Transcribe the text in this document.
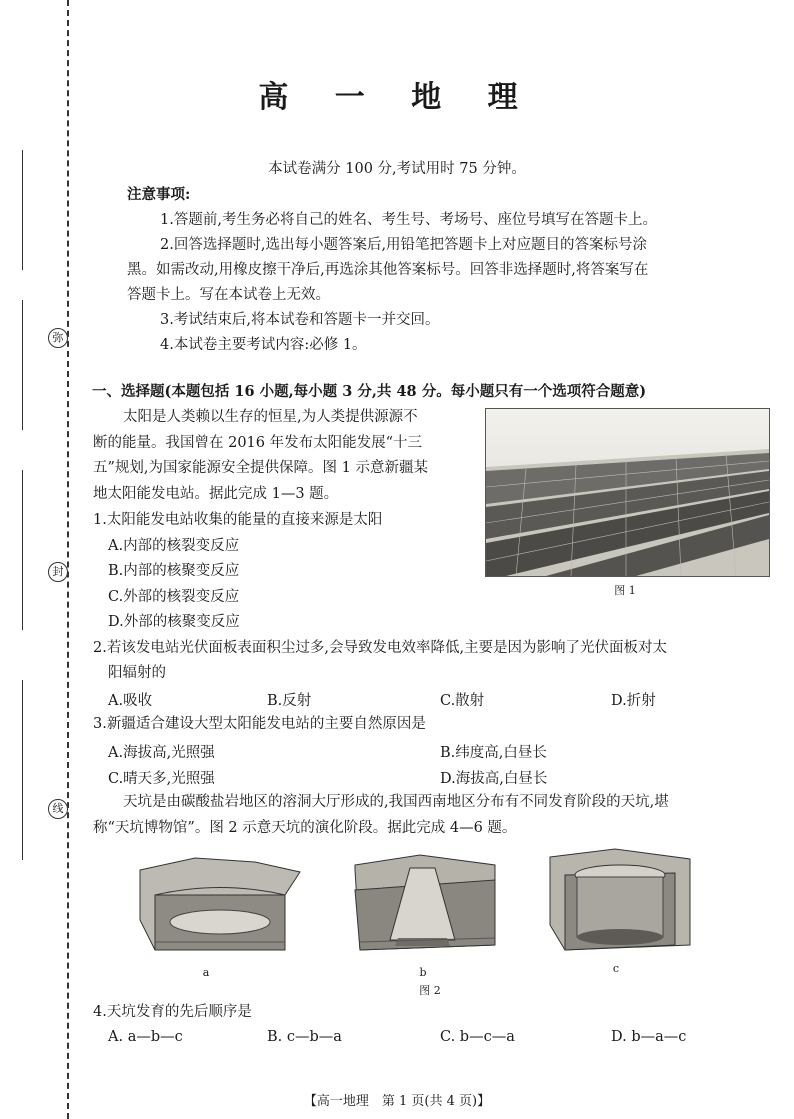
弥
封
线
高 一 地 理
本试卷满分 100 分,考试用时 75 分钟。
注意事项:
1.答题前,考生务必将自己的姓名、考生号、考场号、座位号填写在答题卡上。
2.回答选择题时,选出每小题答案后,用铅笔把答题卡上对应题目的答案标号涂
黑。如需改动,用橡皮擦干净后,再选涂其他答案标号。回答非选择题时,将答案写在
答题卡上。写在本试卷上无效。
3.考试结束后,将本试卷和答题卡一并交回。
4.本试卷主要考试内容:必修 1。
一、选择题(本题包括 16 小题,每小题 3 分,共 48 分。每小题只有一个选项符合题意)
太阳是人类赖以生存的恒星,为人类提供源源不
断的能量。我国曾在 2016 年发布太阳能发展“十三
五”规划,为国家能源安全提供保障。图 1 示意新疆某
地太阳能发电站。据此完成 1—3 题。
图 1
1.太阳能发电站收集的能量的直接来源是太阳
A.内部的核裂变反应
B.内部的核聚变反应
C.外部的核裂变反应
D.外部的核聚变反应
2.若该发电站光伏面板表面积尘过多,会导致发电效率降低,主要是因为影响了光伏面板对太
阳辐射的
A.吸收	B.反射	C.散射	D.折射
3.新疆适合建设大型太阳能发电站的主要自然原因是
A.海拔高,光照强	B.纬度高,白昼长
C.晴天多,光照强	D.海拔高,白昼长
天坑是由碳酸盐岩地区的溶洞大厅形成的,我国西南地区分布有不同发育阶段的天坑,堪
称“天坑博物馆”。图 2 示意天坑的演化阶段。据此完成 4—6 题。
a	b	c
图 2
4.天坑发育的先后顺序是
A. a—b—c	B. c—b—a	C. b—c—a	D. b—a—c
【高一地理　第 1 页(共 4 页)】
